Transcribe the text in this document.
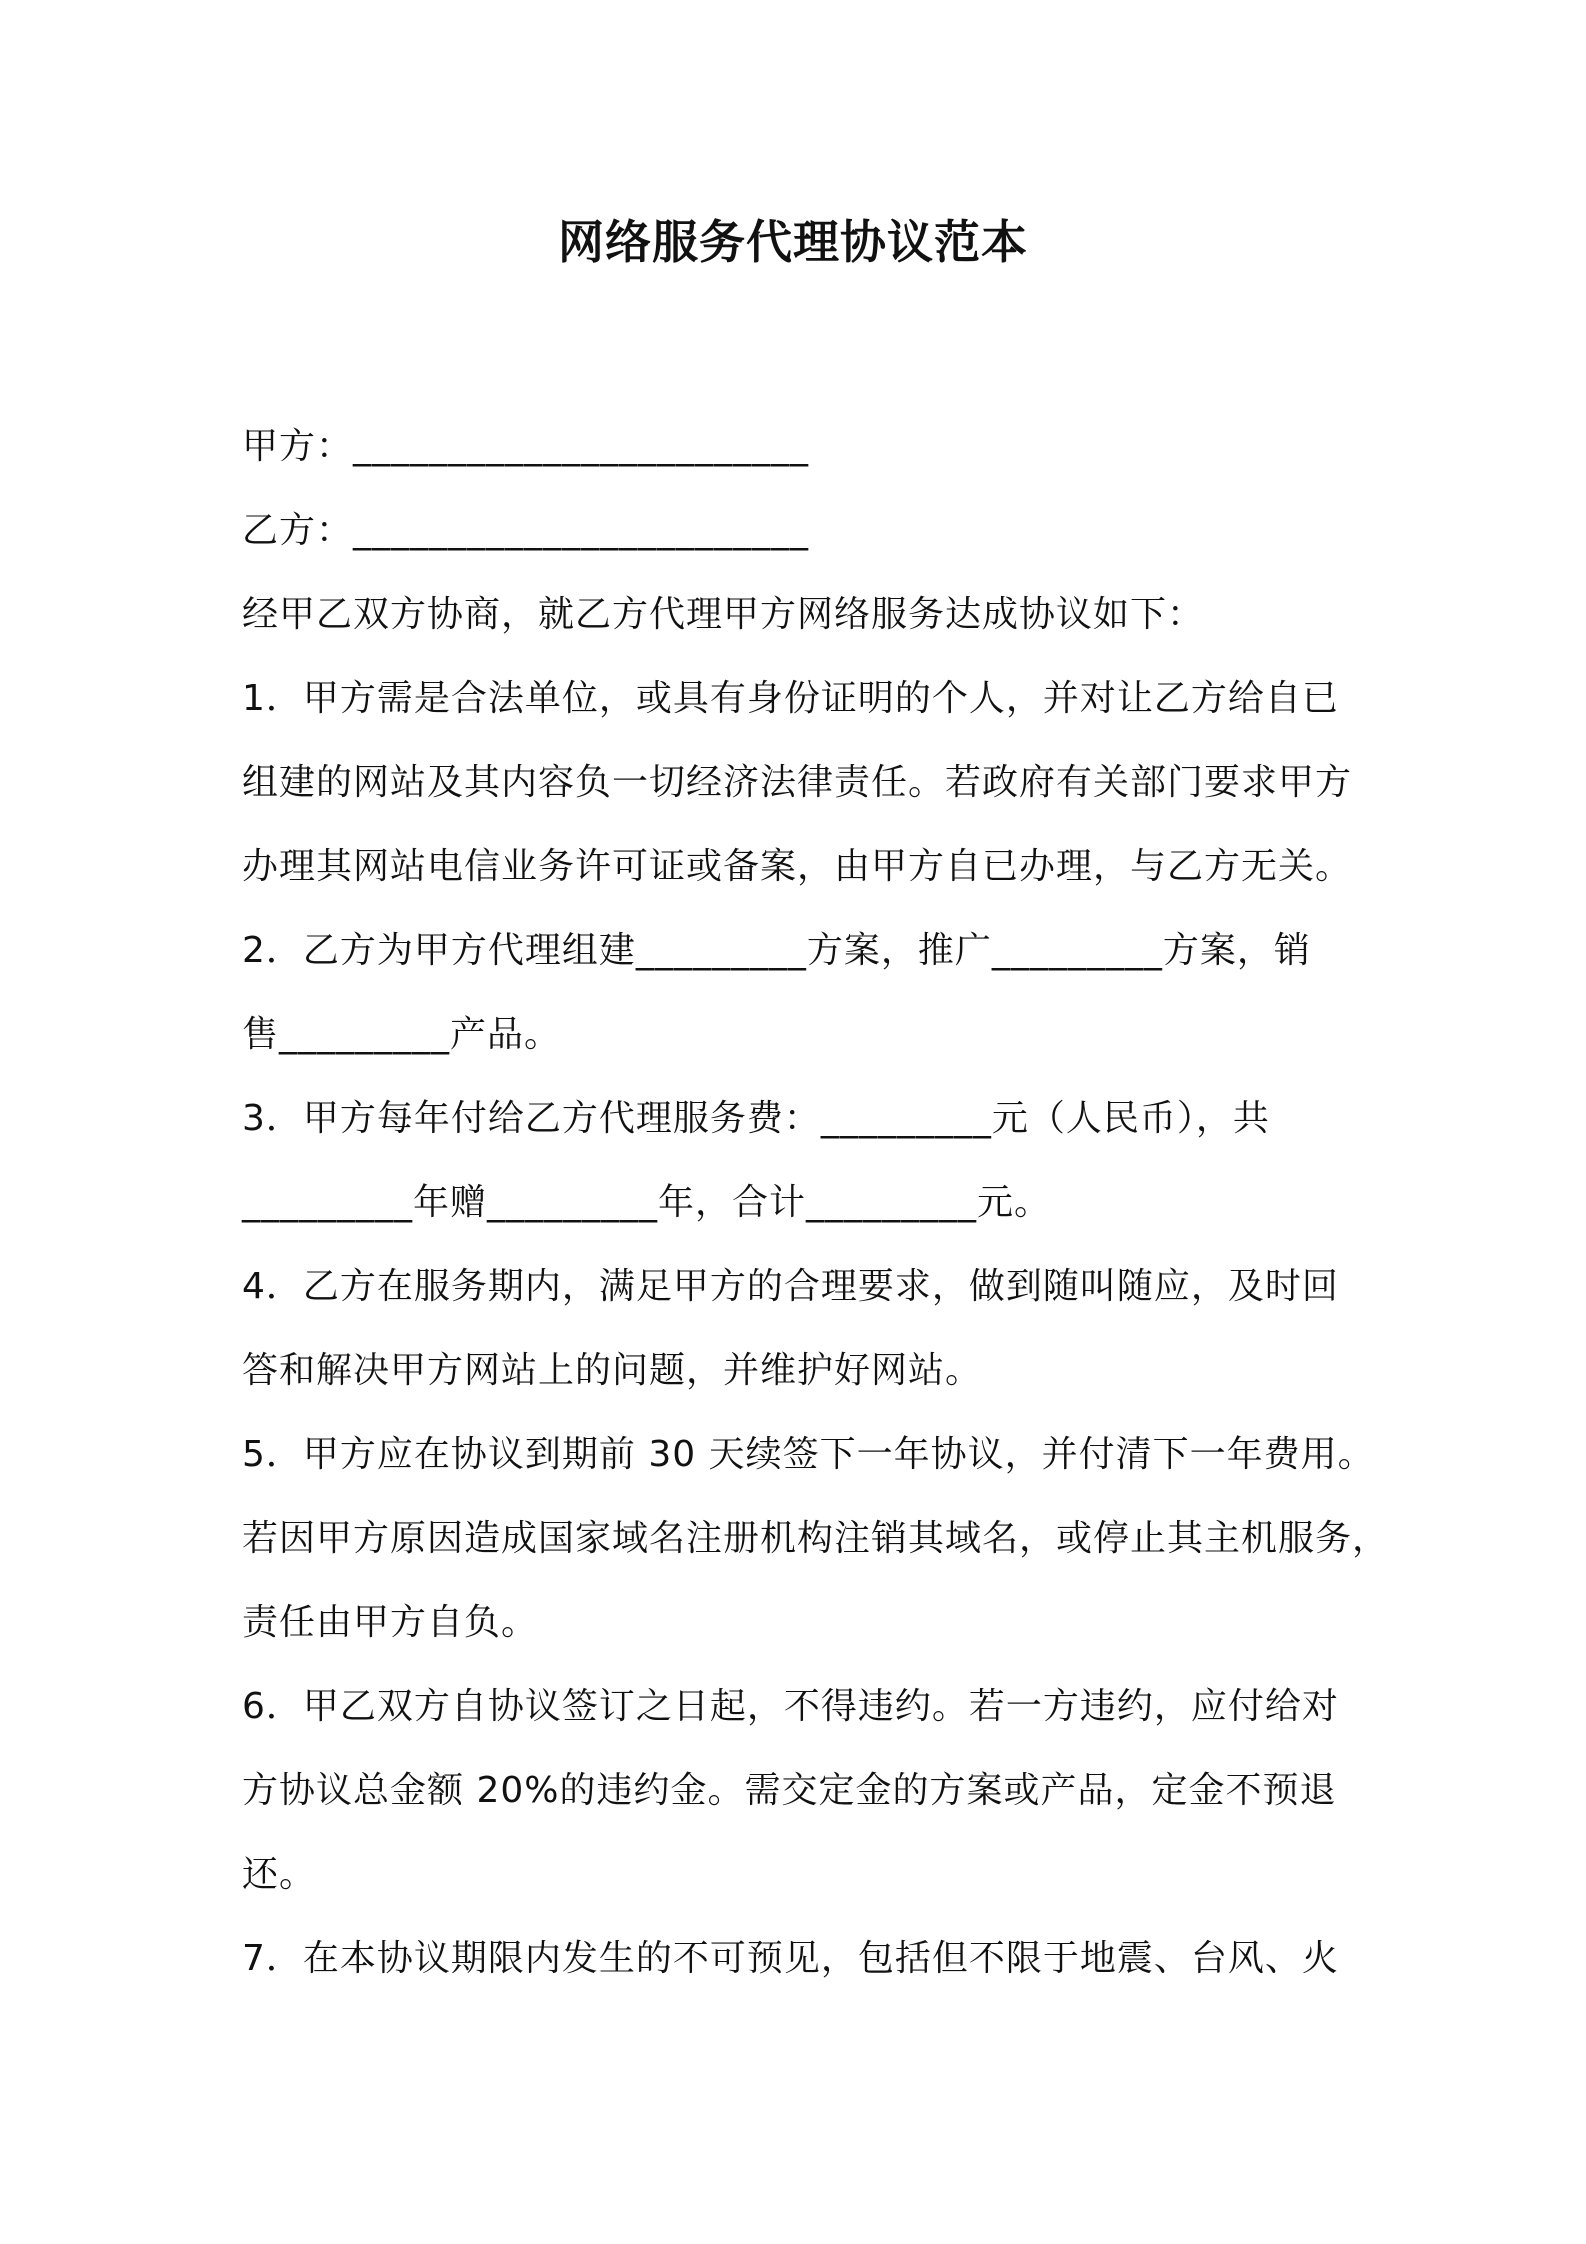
网络服务代理协议范本
甲方：________________________
乙方：________________________
经甲乙双方协商，就乙方代理甲方网络服务达成协议如下：
1．甲方需是合法单位，或具有身份证明的个人，并对让乙方给自已
组建的网站及其内容负一切经济法律责任。若政府有关部门要求甲方
办理其网站电信业务许可证或备案，由甲方自已办理，与乙方无关。
2．乙方为甲方代理组建_________方案，推广_________方案，销
售_________产品。
3．甲方每年付给乙方代理服务费：_________元（人民币），共
_________年赠_________年，合计_________元。
4．乙方在服务期内，满足甲方的合理要求，做到随叫随应，及时回
答和解决甲方网站上的问题，并维护好网站。
5．甲方应在协议到期前 30 天续签下一年协议，并付清下一年费用。
若因甲方原因造成国家域名注册机构注销其域名，或停止其主机服务，
责任由甲方自负。
6．甲乙双方自协议签订之日起，不得违约。若一方违约，应付给对
方协议总金额 20%的违约金。需交定金的方案或产品，定金不预退
还。
7．在本协议期限内发生的不可预见，包括但不限于地震、台风、火
